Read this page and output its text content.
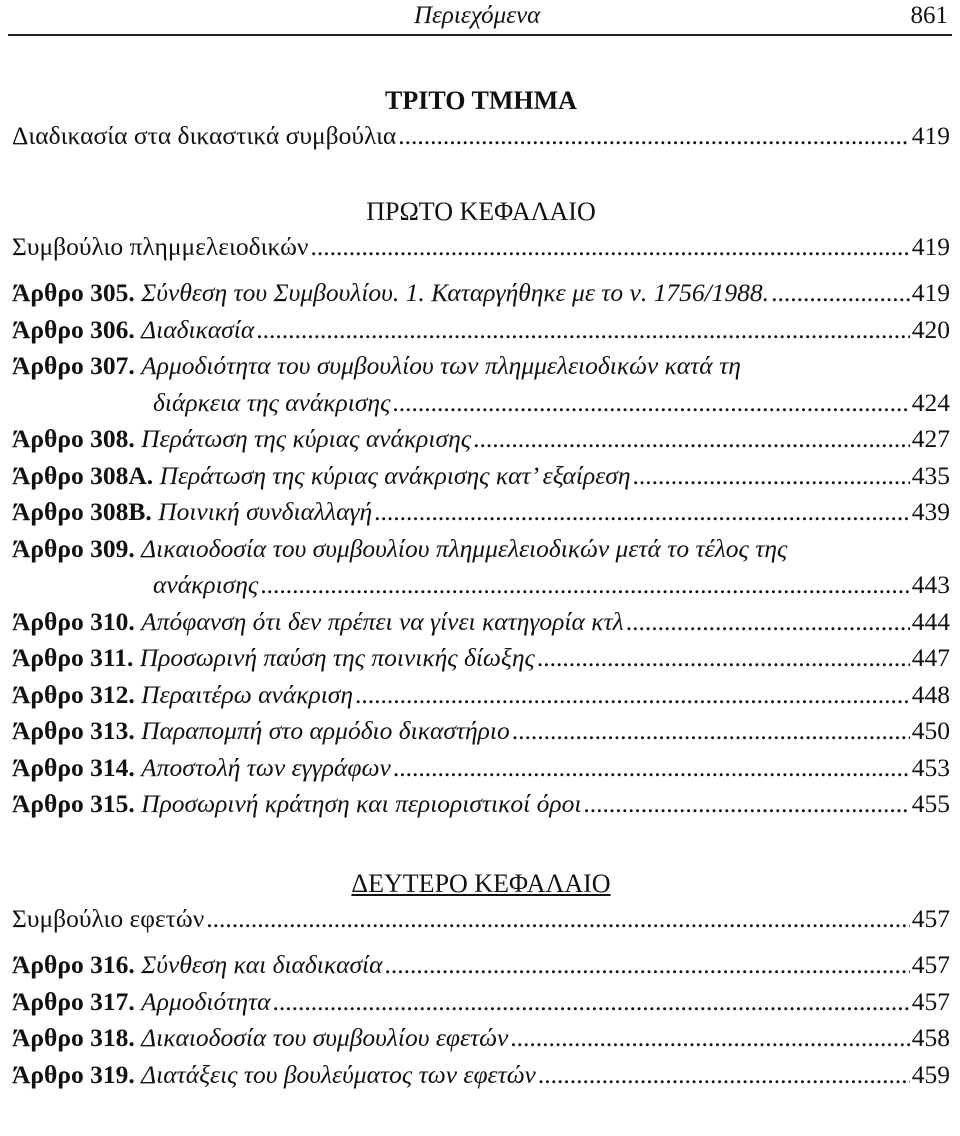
Περιεχόμενα	861
ΤΡΙΤΟ ΤΜΗΜΑ
Διαδικασία στα δικαστικά συμβούλια .....	419
ΠΡΩΤΟ ΚΕΦΑΛΑΙΟ
Συμβούλιο πλημμελειοδικών .....	419
Άρθρο 305. Σύνθεση του Συμβουλίου. 1. Καταργήθηκε με το ν. 1756/1988. .....	419
Άρθρο 306. Διαδικασία .....	420
Άρθρο 307. Αρμοδιότητα του συμβουλίου των πλημμελειοδικών κατά τη
διάρκεια της ανάκρισης .....	424
Άρθρο 308. Περάτωση της κύριας ανάκρισης .....	427
Άρθρο 308A. Περάτωση της κύριας ανάκρισης κατ’ εξαίρεση .....	435
Άρθρο 308B. Ποινική συνδιαλλαγή .....	439
Άρθρο 309. Δικαιοδοσία του συμβουλίου πλημμελειοδικών μετά το τέλος της
ανάκρισης .....	443
Άρθρο 310. Απόφανση ότι δεν πρέπει να γίνει κατηγορία κτλ .....	444
Άρθρο 311. Προσωρινή παύση της ποινικής δίωξης .....	447
Άρθρο 312. Περαιτέρω ανάκριση .....	448
Άρθρο 313. Παραπομπή στο αρμόδιο δικαστήριο .....	450
Άρθρο 314. Αποστολή των εγγράφων .....	453
Άρθρο 315. Προσωρινή κράτηση και περιοριστικοί όροι .....	455
ΔΕΥΤΕΡΟ ΚΕΦΑΛΑΙΟ
Συμβούλιο εφετών .....	457
Άρθρο 316. Σύνθεση και διαδικασία .....	457
Άρθρο 317. Αρμοδιότητα .....	457
Άρθρο 318. Δικαιοδοσία του συμβουλίου εφετών .....	458
Άρθρο 319. Διατάξεις του βουλεύματος των εφετών .....	459
